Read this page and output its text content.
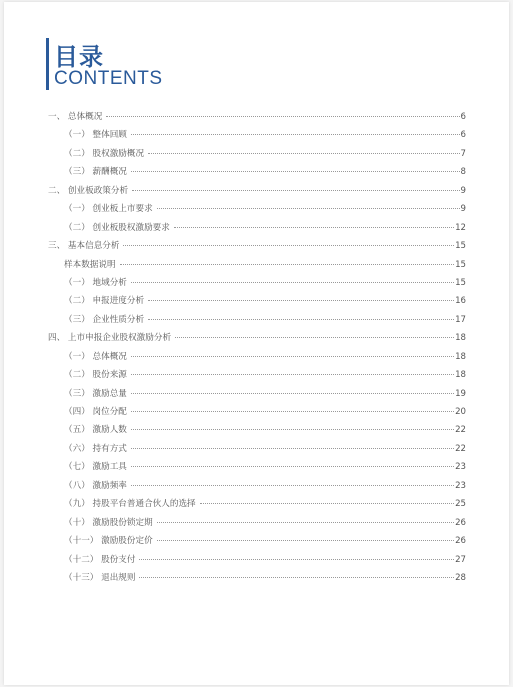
目录
CONTENTS
一、 总体概况	6
（一） 整体回顾	6
（二） 股权激励概况	7
（三） 薪酬概况	8
二、 创业板政策分析	9
（一） 创业板上市要求	9
（二） 创业板股权激励要求	12
三、 基本信息分析	15
样本数据说明	15
（一） 地域分析	15
（二） 申报进度分析	16
（三） 企业性质分析	17
四、 上市申报企业股权激励分析	18
（一） 总体概况	18
（二） 股份来源	18
（三） 激励总量	19
（四） 岗位分配	20
（五） 激励人数	22
（六） 持有方式	22
（七） 激励工具	23
（八） 激励频率	23
（九） 持股平台普通合伙人的选择	25
（十） 激励股份锁定期	26
（十一） 激励股份定价	26
（十二） 股份支付	27
（十三） 退出规则	28
